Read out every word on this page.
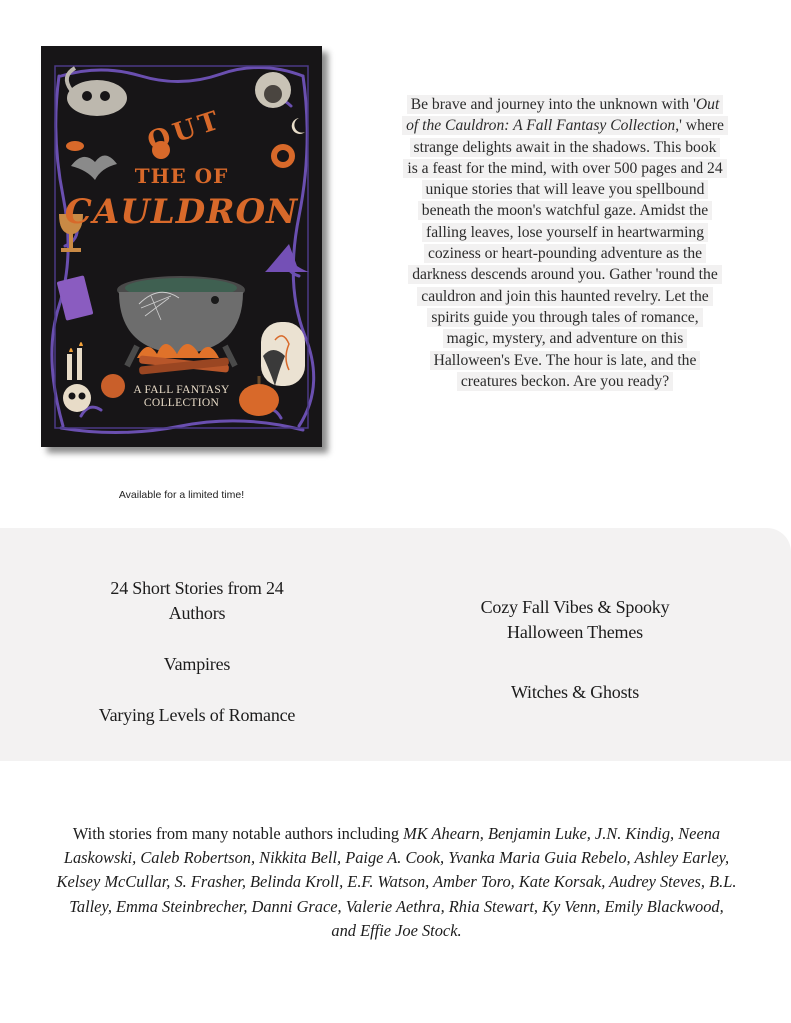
OUT
THE OF
CAULDRON
A FALL FANTASY
COLLECTION
Available for a limited time!
Be brave and journey into the unknown with 'Out
of the Cauldron: A Fall Fantasy Collection,' where
strange delights await in the shadows. This book
is a feast for the mind, with over 500 pages and 24
unique stories that will leave you spellbound
beneath the moon's watchful gaze. Amidst the
falling leaves, lose yourself in heartwarming
coziness or heart-pounding adventure as the
darkness descends around you. Gather 'round the
cauldron and join this haunted revelry. Let the
spirits guide you through tales of romance,
magic, mystery, and adventure on this
Halloween's Eve. The hour is late, and the
creatures beckon. Are you ready?
24 Short Stories from 24
Authors
Vampires
Varying Levels of Romance
Cozy Fall Vibes & Spooky
Halloween Themes
Witches & Ghosts
With stories from many notable authors including MK Ahearn, Benjamin Luke, J.N. Kindig, Neena Laskowski, Caleb Robertson, Nikkita Bell, Paige A. Cook, Yvanka Maria Guia Rebelo, Ashley Earley, Kelsey McCullar, S. Frasher, Belinda Kroll, E.F. Watson, Amber Toro, Kate Korsak, Audrey Steves, B.L. Talley, Emma Steinbrecher, Danni Grace, Valerie Aethra, Rhia Stewart, Ky Venn, Emily Blackwood, and Effie Joe Stock.
